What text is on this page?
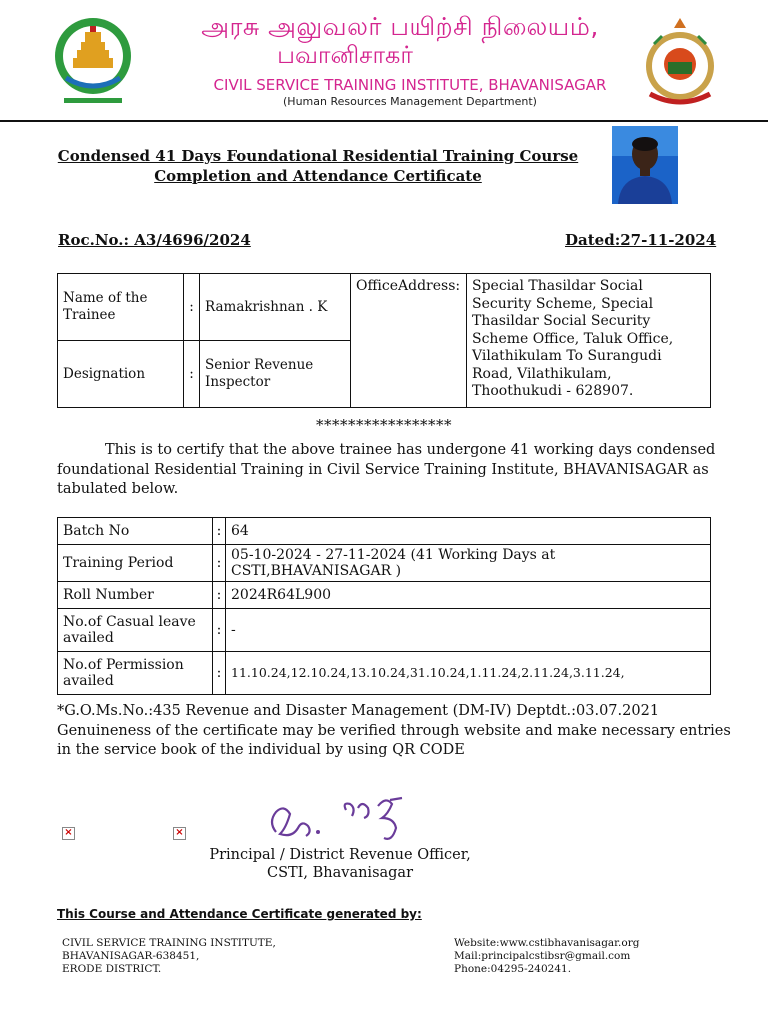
அரசு அலுவலர் பயிற்சி நிலையம்,
பவானிசாகர்
CIVIL SERVICE TRAINING INSTITUTE, BHAVANISAGAR
(Human Resources Management Department)
Condensed 41 Days Foundational Residential Training Course
Completion and Attendance Certificate
Roc.No.: A3/4696/2024	Dated:27-11-2024
Name of the Trainee	:	Ramakrishnan . K	OfficeAddress:	Special Thasildar Social Security Scheme, Special Thasildar Social Security Scheme Office, Taluk Office, Vilathikulam To Surangudi Road, Vilathikulam, Thoothukudi - 628907.
Designation	:	Senior Revenue Inspector		
*****************
This is to certify that the above trainee has undergone 41 working days condensed foundational Residential Training in Civil Service Training Institute, BHAVANISAGAR as tabulated below.
Batch No	:	64
Training Period	:	05-10-2024 - 27-11-2024 (41 Working Days at CSTI,BHAVANISAGAR )
Roll Number	:	2024R64L900
No.of Casual leave availed	:	-
No.of Permission availed	:	11.10.24,12.10.24,13.10.24,31.10.24,1.11.24,2.11.24,3.11.24,
*G.O.Ms.No.:435 Revenue and Disaster Management (DM-IV) Deptdt.:03.07.2021
Genuineness of the certificate may be verified through website and make necessary entries in the service book of the individual by using QR CODE
×	×
Principal / District Revenue Officer,
CSTI, Bhavanisagar
This Course and Attendance Certificate generated by:
CIVIL SERVICE TRAINING INSTITUTE,
BHAVANISAGAR-638451,
ERODE DISTRICT.
Website:www.cstibhavanisagar.org
Mail:principalcstibsr@gmail.com
Phone:04295-240241.
